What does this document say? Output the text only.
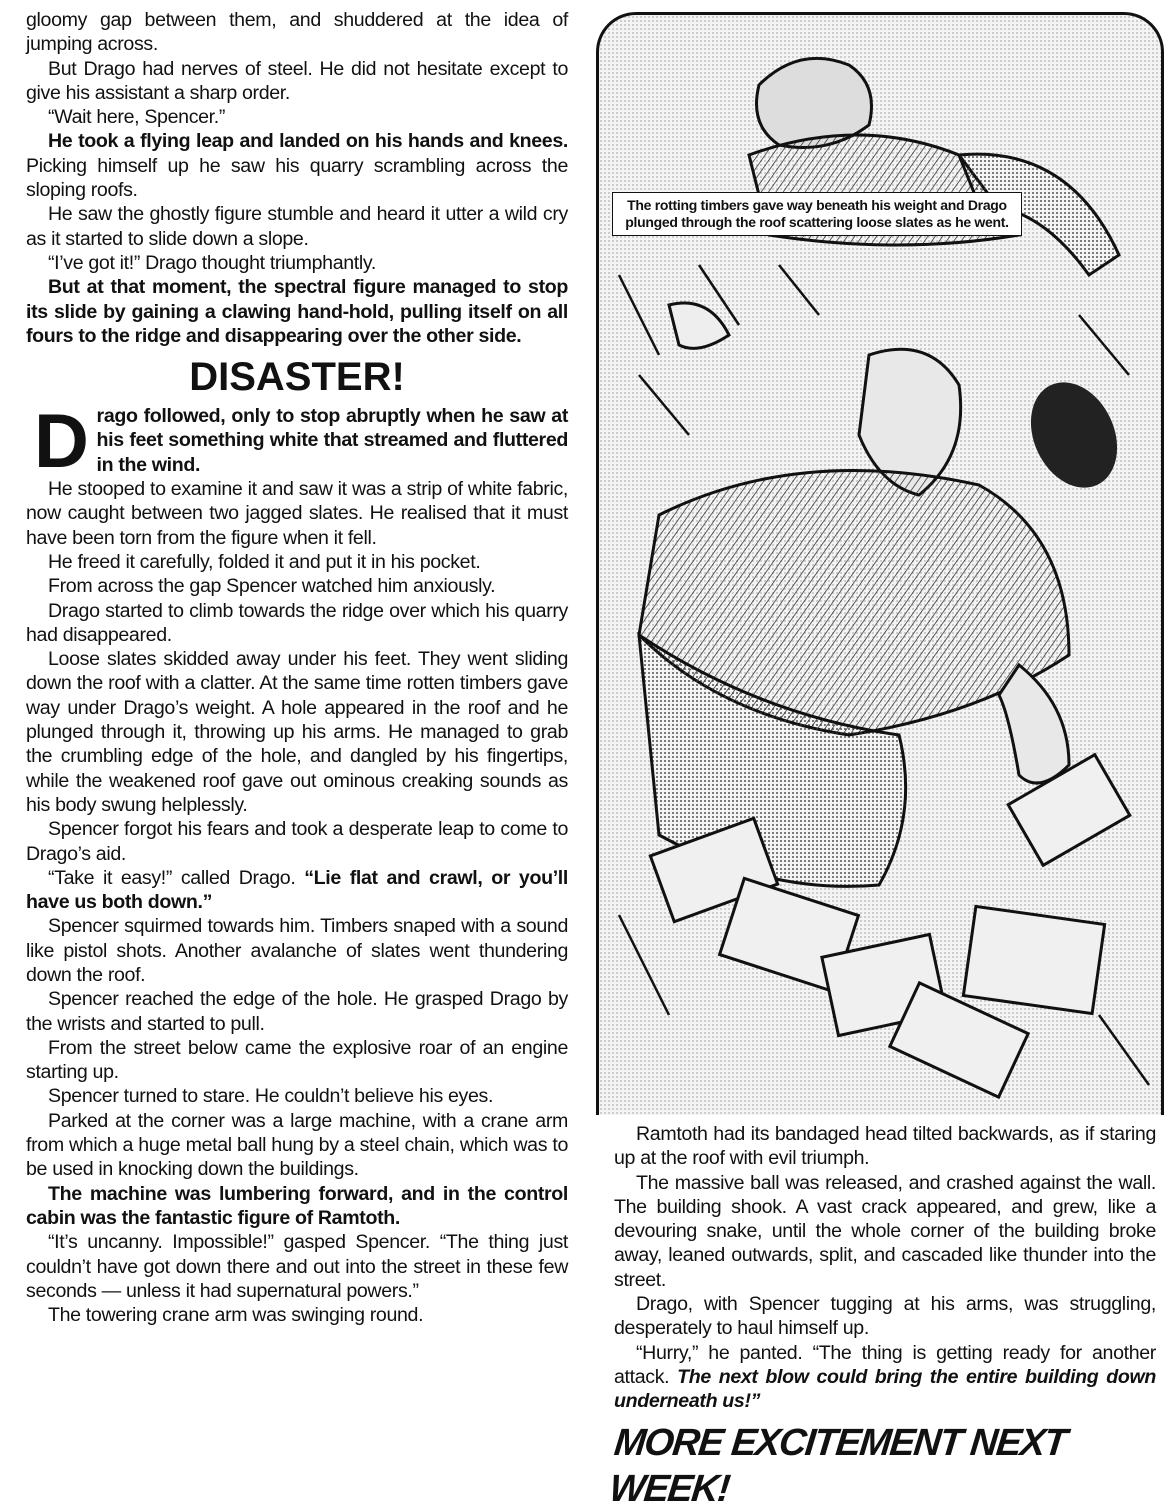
gloomy gap between them, and shuddered at the idea of jumping across.

But Drago had nerves of steel. He did not hesitate except to give his assistant a sharp order.

“Wait here, Spencer.”

He took a flying leap and landed on his hands and knees. Picking himself up he saw his quarry scrambling across the sloping roofs.

He saw the ghostly figure stumble and heard it utter a wild cry as it started to slide down a slope.

“I’ve got it!” Drago thought triumphantly.

But at that moment, the spectral figure managed to stop its slide by gaining a clawing hand-hold, pulling itself on all fours to the ridge and disappearing over the other side.

DISASTER!

Drago followed, only to stop abruptly when he saw at his feet something white that streamed and fluttered in the wind.

He stooped to examine it and saw it was a strip of white fabric, now caught between two jagged slates. He realised that it must have been torn from the figure when it fell.

He freed it carefully, folded it and put it in his pocket.

From across the gap Spencer watched him anxiously.

Drago started to climb towards the ridge over which his quarry had disappeared.

Loose slates skidded away under his feet. They went sliding down the roof with a clatter. At the same time rotten timbers gave way under Drago’s weight. A hole appeared in the roof and he plunged through it, throwing up his arms. He managed to grab the crumbling edge of the hole, and dangled by his fingertips, while the weakened roof gave out ominous creaking sounds as his body swung helplessly.

Spencer forgot his fears and took a desperate leap to come to Drago’s aid.

“Take it easy!” called Drago. “Lie flat and crawl, or you’ll have us both down.”

Spencer squirmed towards him. Timbers snaped with a sound like pistol shots. Another avalanche of slates went thundering down the roof.

Spencer reached the edge of the hole. He grasped Drago by the wrists and started to pull.

From the street below came the explosive roar of an engine starting up.

Spencer turned to stare. He couldn’t believe his eyes.

Parked at the corner was a large machine, with a crane arm from which a huge metal ball hung by a steel chain, which was to be used in knocking down the buildings.

The machine was lumbering forward, and in the control cabin was the fantastic figure of Ramtoth.

“It’s uncanny. Impossible!” gasped Spencer. “The thing just couldn’t have got down there and out into the street in these few seconds — unless it had supernatural powers.”

The towering crane arm was swinging round.

The rotting timbers gave way beneath his weight and Drago plunged through the roof scattering loose slates as he went.

Ramtoth had its bandaged head tilted backwards, as if staring up at the roof with evil triumph.

The massive ball was released, and crashed against the wall. The building shook. A vast crack appeared, and grew, like a devouring snake, until the whole corner of the building broke away, leaned outwards, split, and cascaded like thunder into the street.

Drago, with Spencer tugging at his arms, was struggling, desperately to haul himself up.

“Hurry,” he panted. “The thing is getting ready for another attack. The next blow could bring the entire building down underneath us!”

MORE EXCITEMENT NEXT WEEK!
